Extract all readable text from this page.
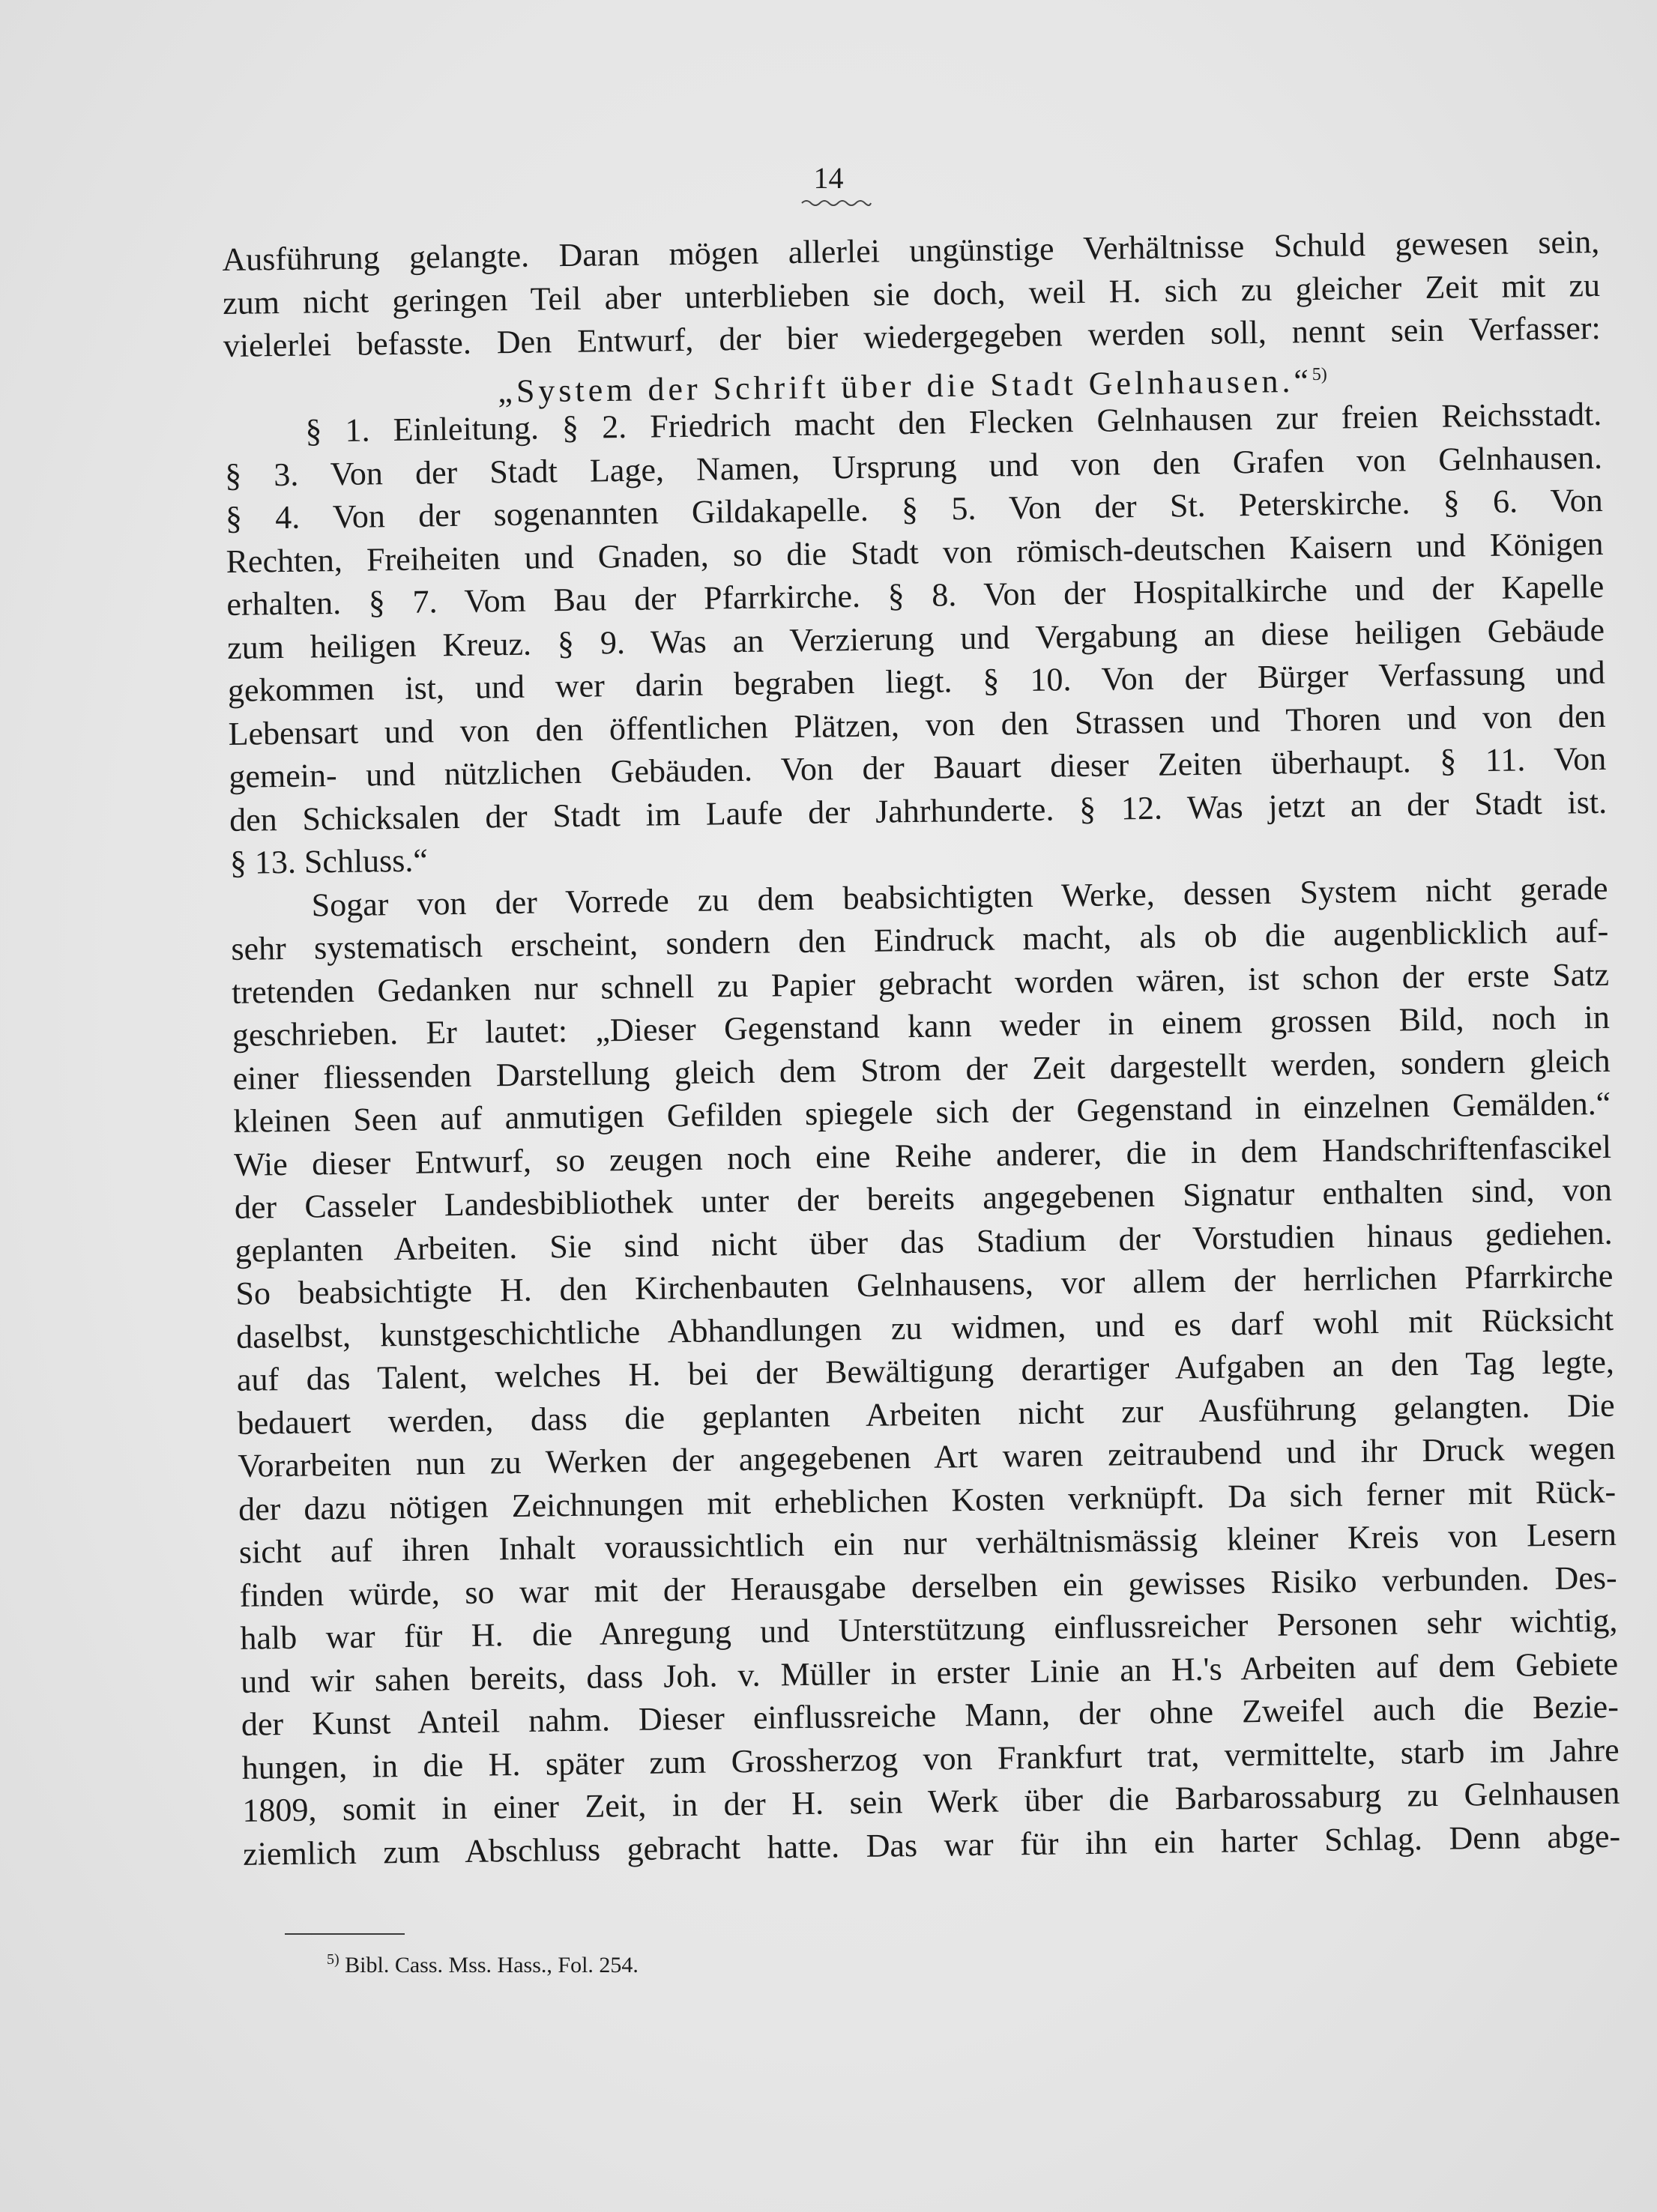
14
Ausführung gelangte. Daran mögen allerlei ungünstige Verhältnisse Schuld gewesen sein,
zum nicht geringen Teil aber unterblieben sie doch, weil H. sich zu gleicher Zeit mit zu
vielerlei befasste. Den Entwurf, der bier wiedergegeben werden soll, nennt sein Verfasser:
„System der Schrift über die Stadt Gelnhausen.“$^{5)}$
§ 1. Einleitung. § 2. Friedrich macht den Flecken Gelnhausen zur freien Reichsstadt.
§ 3. Von der Stadt Lage, Namen, Ursprung und von den Grafen von Gelnhausen.
§ 4. Von der sogenannten Gildakapelle. § 5. Von der St. Peterskirche. § 6. Von
Rechten, Freiheiten und Gnaden, so die Stadt von römisch-deutschen Kaisern und Königen
erhalten. § 7. Vom Bau der Pfarrkirche. § 8. Von der Hospitalkirche und der Kapelle
zum heiligen Kreuz. § 9. Was an Verzierung und Vergabung an diese heiligen Gebäude
gekommen ist, und wer darin begraben liegt. § 10. Von der Bürger Verfassung und
Lebensart und von den öffentlichen Plätzen, von den Strassen und Thoren und von den
gemein- und nützlichen Gebäuden. Von der Bauart dieser Zeiten überhaupt. § 11. Von
den Schicksalen der Stadt im Laufe der Jahrhunderte. § 12. Was jetzt an der Stadt ist.
§ 13. Schluss.“
Sogar von der Vorrede zu dem beabsichtigten Werke, dessen System nicht gerade
sehr systematisch erscheint, sondern den Eindruck macht, als ob die augenblicklich auf-
tretenden Gedanken nur schnell zu Papier gebracht worden wären, ist schon der erste Satz
geschrieben. Er lautet: „Dieser Gegenstand kann weder in einem grossen Bild, noch in
einer fliessenden Darstellung gleich dem Strom der Zeit dargestellt werden, sondern gleich
kleinen Seen auf anmutigen Gefilden spiegele sich der Gegenstand in einzelnen Gemälden.“
Wie dieser Entwurf, so zeugen noch eine Reihe anderer, die in dem Handschriftenfascikel
der Casseler Landesbibliothek unter der bereits angegebenen Signatur enthalten sind, von
geplanten Arbeiten. Sie sind nicht über das Stadium der Vorstudien hinaus gediehen.
So beabsichtigte H. den Kirchenbauten Gelnhausens, vor allem der herrlichen Pfarrkirche
daselbst, kunstgeschichtliche Abhandlungen zu widmen, und es darf wohl mit Rücksicht
auf das Talent, welches H. bei der Bewältigung derartiger Aufgaben an den Tag legte,
bedauert werden, dass die geplanten Arbeiten nicht zur Ausführung gelangten. Die
Vorarbeiten nun zu Werken der angegebenen Art waren zeitraubend und ihr Druck wegen
der dazu nötigen Zeichnungen mit erheblichen Kosten verknüpft. Da sich ferner mit Rück-
sicht auf ihren Inhalt voraussichtlich ein nur verhältnismässig kleiner Kreis von Lesern
finden würde, so war mit der Herausgabe derselben ein gewisses Risiko verbunden. Des-
halb war für H. die Anregung und Unterstützung einflussreicher Personen sehr wichtig,
und wir sahen bereits, dass Joh. v. Müller in erster Linie an H.'s Arbeiten auf dem Gebiete
der Kunst Anteil nahm. Dieser einflussreiche Mann, der ohne Zweifel auch die Bezie-
hungen, in die H. später zum Grossherzog von Frankfurt trat, vermittelte, starb im Jahre
1809, somit in einer Zeit, in der H. sein Werk über die Barbarossaburg zu Gelnhausen
ziemlich zum Abschluss gebracht hatte. Das war für ihn ein harter Schlag. Denn abge-
$^{5)}$ Bibl. Cass. Mss. Hass., Fol. 254.
